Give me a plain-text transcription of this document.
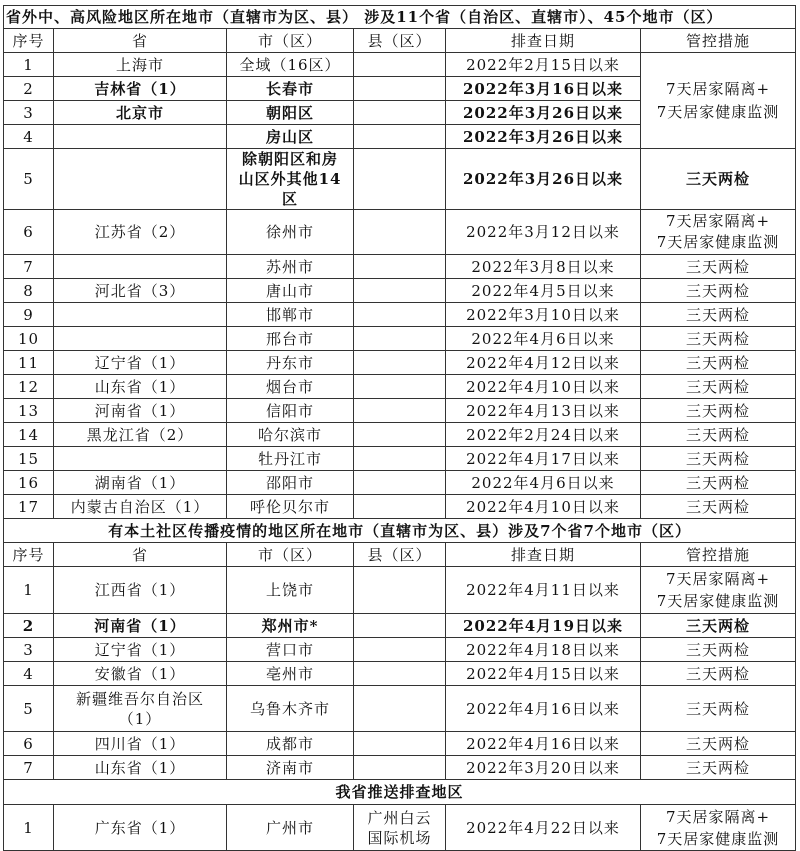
省外中、高风险地区所在地市（直辖市为区、县） 涉及11个省（自治区、直辖市）、45个地市（区）					
序号	省	市（区）	县（区）	排查日期	管控措施
1	上海市	全域（16区）		2022年2月15日以来	7天居家隔离+
7天居家健康监测
2	吉林省（1）	长春市		2022年3月16日以来	
3	北京市	朝阳区		2022年3月26日以来	
4		房山区		2022年3月26日以来	
5		除朝阳区和房山区外其他14区		2022年3月26日以来	三天两检
6	江苏省（2）	徐州市		2022年3月12日以来	7天居家隔离+
7天居家健康监测
7		苏州市		2022年3月8日以来	三天两检
8	河北省（3）	唐山市		2022年4月5日以来	三天两检
9		邯郸市		2022年3月10日以来	三天两检
10		邢台市		2022年4月6日以来	三天两检
11	辽宁省（1）	丹东市		2022年4月12日以来	三天两检
12	山东省（1）	烟台市		2022年4月10日以来	三天两检
13	河南省（1）	信阳市		2022年4月13日以来	三天两检
14	黑龙江省（2）	哈尔滨市		2022年2月24日以来	三天两检
15		牡丹江市		2022年4月17日以来	三天两检
16	湖南省（1）	邵阳市		2022年4月6日以来	三天两检
17	内蒙古自治区（1）	呼伦贝尔市		2022年4月10日以来	三天两检
有本土社区传播疫情的地区所在地市（直辖市为区、县）涉及7个省7个地市（区）					
序号	省	市（区）	县（区）	排查日期	管控措施
1	江西省（1）	上饶市		2022年4月11日以来	7天居家隔离+
7天居家健康监测
2	河南省（1）	郑州市*		2022年4月19日以来	三天两检
3	辽宁省（1）	营口市		2022年4月18日以来	三天两检
4	安徽省（1）	亳州市		2022年4月15日以来	三天两检
5	新疆维吾尔自治区（1）	乌鲁木齐市		2022年4月16日以来	三天两检
6	四川省（1）	成都市		2022年4月16日以来	三天两检
7	山东省（1）	济南市		2022年3月20日以来	三天两检
我省推送排查地区					
1	广东省（1）	广州市	广州白云国际机场	2022年4月22日以来	7天居家隔离+
7天居家健康监测
